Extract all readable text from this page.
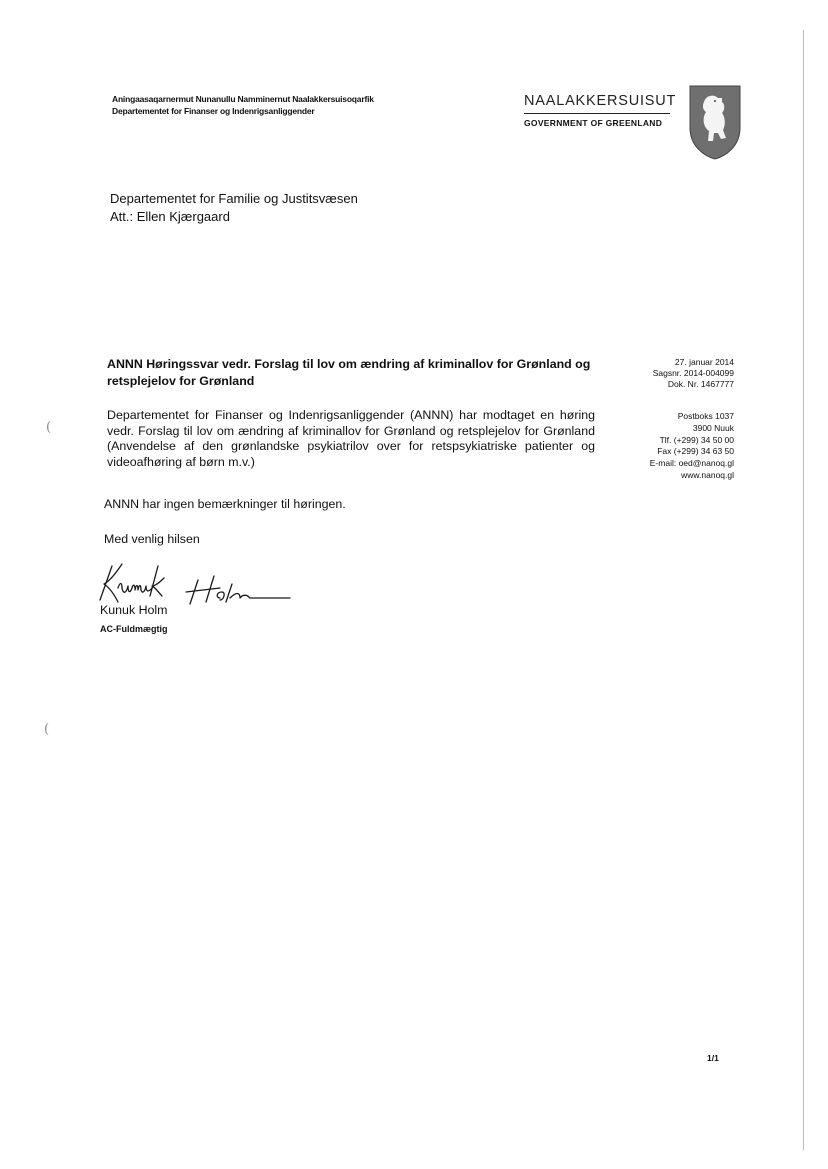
Aningaasaqarnermut Nunanullu Namminernut Naalakkersuisoqarfik
Departementet for Finanser og Indenrigsanliggender
NAALAKKERSUISUT
GOVERNMENT OF GREENLAND
Departementet for Familie og Justitsvæsen
Att.: Ellen Kjærgaard
ANNN Høringssvar vedr. Forslag til lov om ændring af kriminallov for Grønland og retsplejelov for Grønland
27. januar 2014
Sagsnr. 2014-004099
Dok. Nr. 1467777
Postboks 1037
3900 Nuuk
Tlf. (+299) 34 50 00
Fax (+299) 34 63 50
E-mail: oed@nanoq.gl
www.nanoq.gl
Departementet for Finanser og Indenrigsanliggender (ANNN) har modtaget en høring vedr. Forslag til lov om ændring af kriminallov for Grønland og retsplejelov for Grønland (Anvendelse af den grønlandske psykiatrilov over for retspsykiatriske patienter og videoafhøring af børn m.v.)
ANNN har ingen bemærkninger til høringen.
Med venlig hilsen
Kunuk Holm
AC-Fuldmægtig
1/1
(
(
